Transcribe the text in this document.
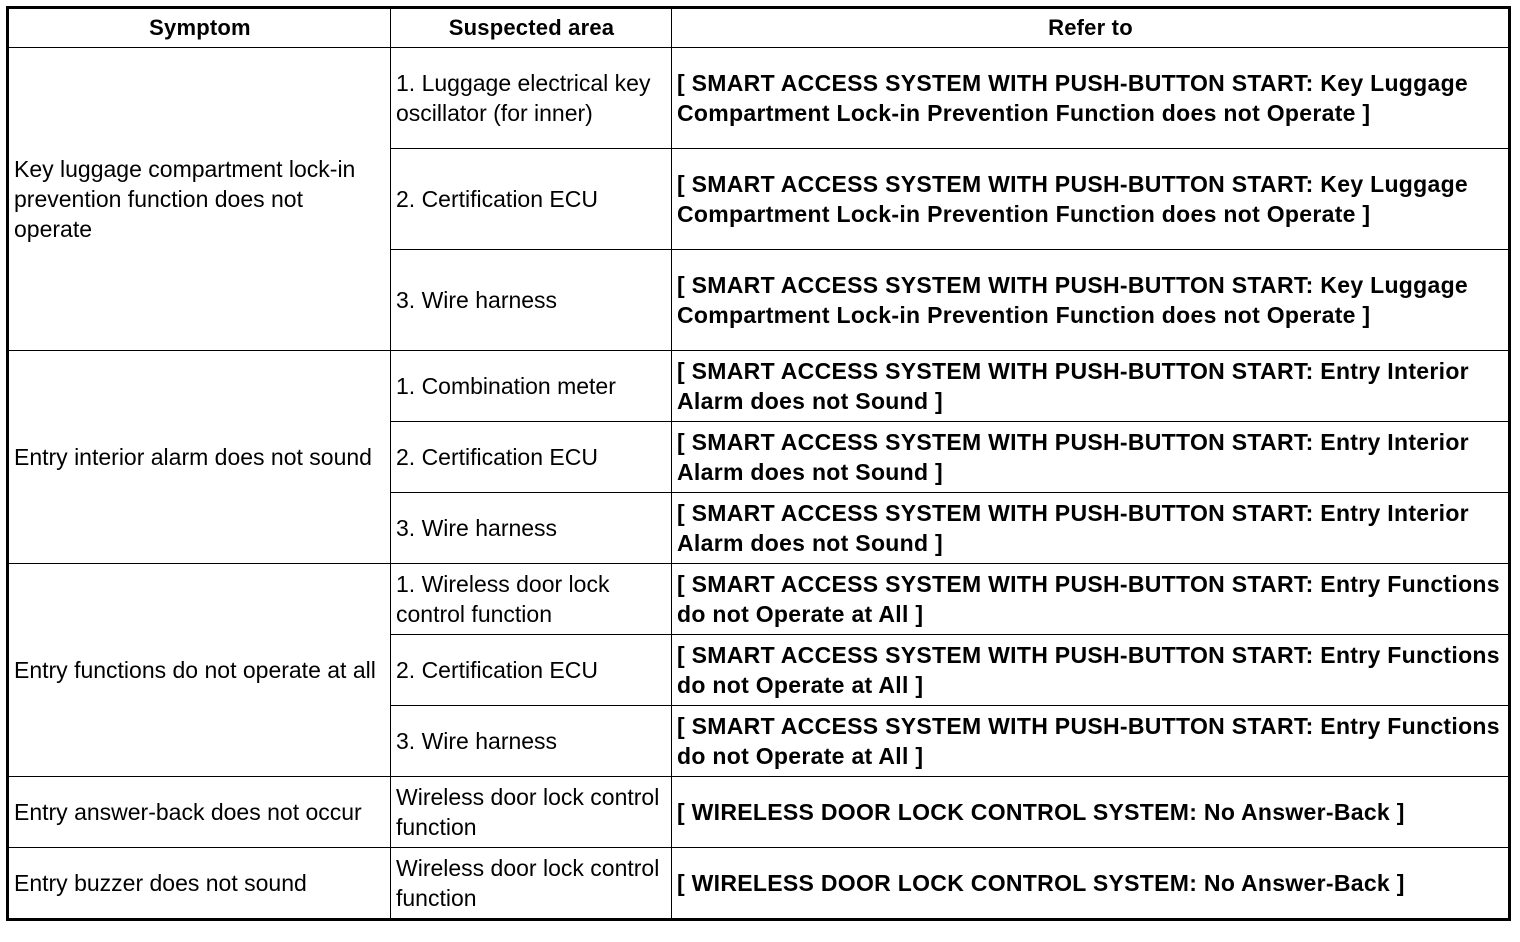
Symptom	Suspected area	Refer to
Key luggage compartment lock-in prevention function does not operate	1. Luggage electrical key oscillator (for inner)	[ SMART ACCESS SYSTEM WITH PUSH-BUTTON START: Key Luggage Compartment Lock-in Prevention Function does not Operate ]
	2. Certification ECU	[ SMART ACCESS SYSTEM WITH PUSH-BUTTON START: Key Luggage Compartment Lock-in Prevention Function does not Operate ]
	3. Wire harness	[ SMART ACCESS SYSTEM WITH PUSH-BUTTON START: Key Luggage Compartment Lock-in Prevention Function does not Operate ]
Entry interior alarm does not sound	1. Combination meter	[ SMART ACCESS SYSTEM WITH PUSH-BUTTON START: Entry Interior Alarm does not Sound ]
	2. Certification ECU	[ SMART ACCESS SYSTEM WITH PUSH-BUTTON START: Entry Interior Alarm does not Sound ]
	3. Wire harness	[ SMART ACCESS SYSTEM WITH PUSH-BUTTON START: Entry Interior Alarm does not Sound ]
Entry functions do not operate at all	1. Wireless door lock control function	[ SMART ACCESS SYSTEM WITH PUSH-BUTTON START: Entry Functions do not Operate at All ]
	2. Certification ECU	[ SMART ACCESS SYSTEM WITH PUSH-BUTTON START: Entry Functions do not Operate at All ]
	3. Wire harness	[ SMART ACCESS SYSTEM WITH PUSH-BUTTON START: Entry Functions do not Operate at All ]
Entry answer-back does not occur	Wireless door lock control function	[ WIRELESS DOOR LOCK CONTROL SYSTEM: No Answer-Back ]
Entry buzzer does not sound	Wireless door lock control function	[ WIRELESS DOOR LOCK CONTROL SYSTEM: No Answer-Back ]
